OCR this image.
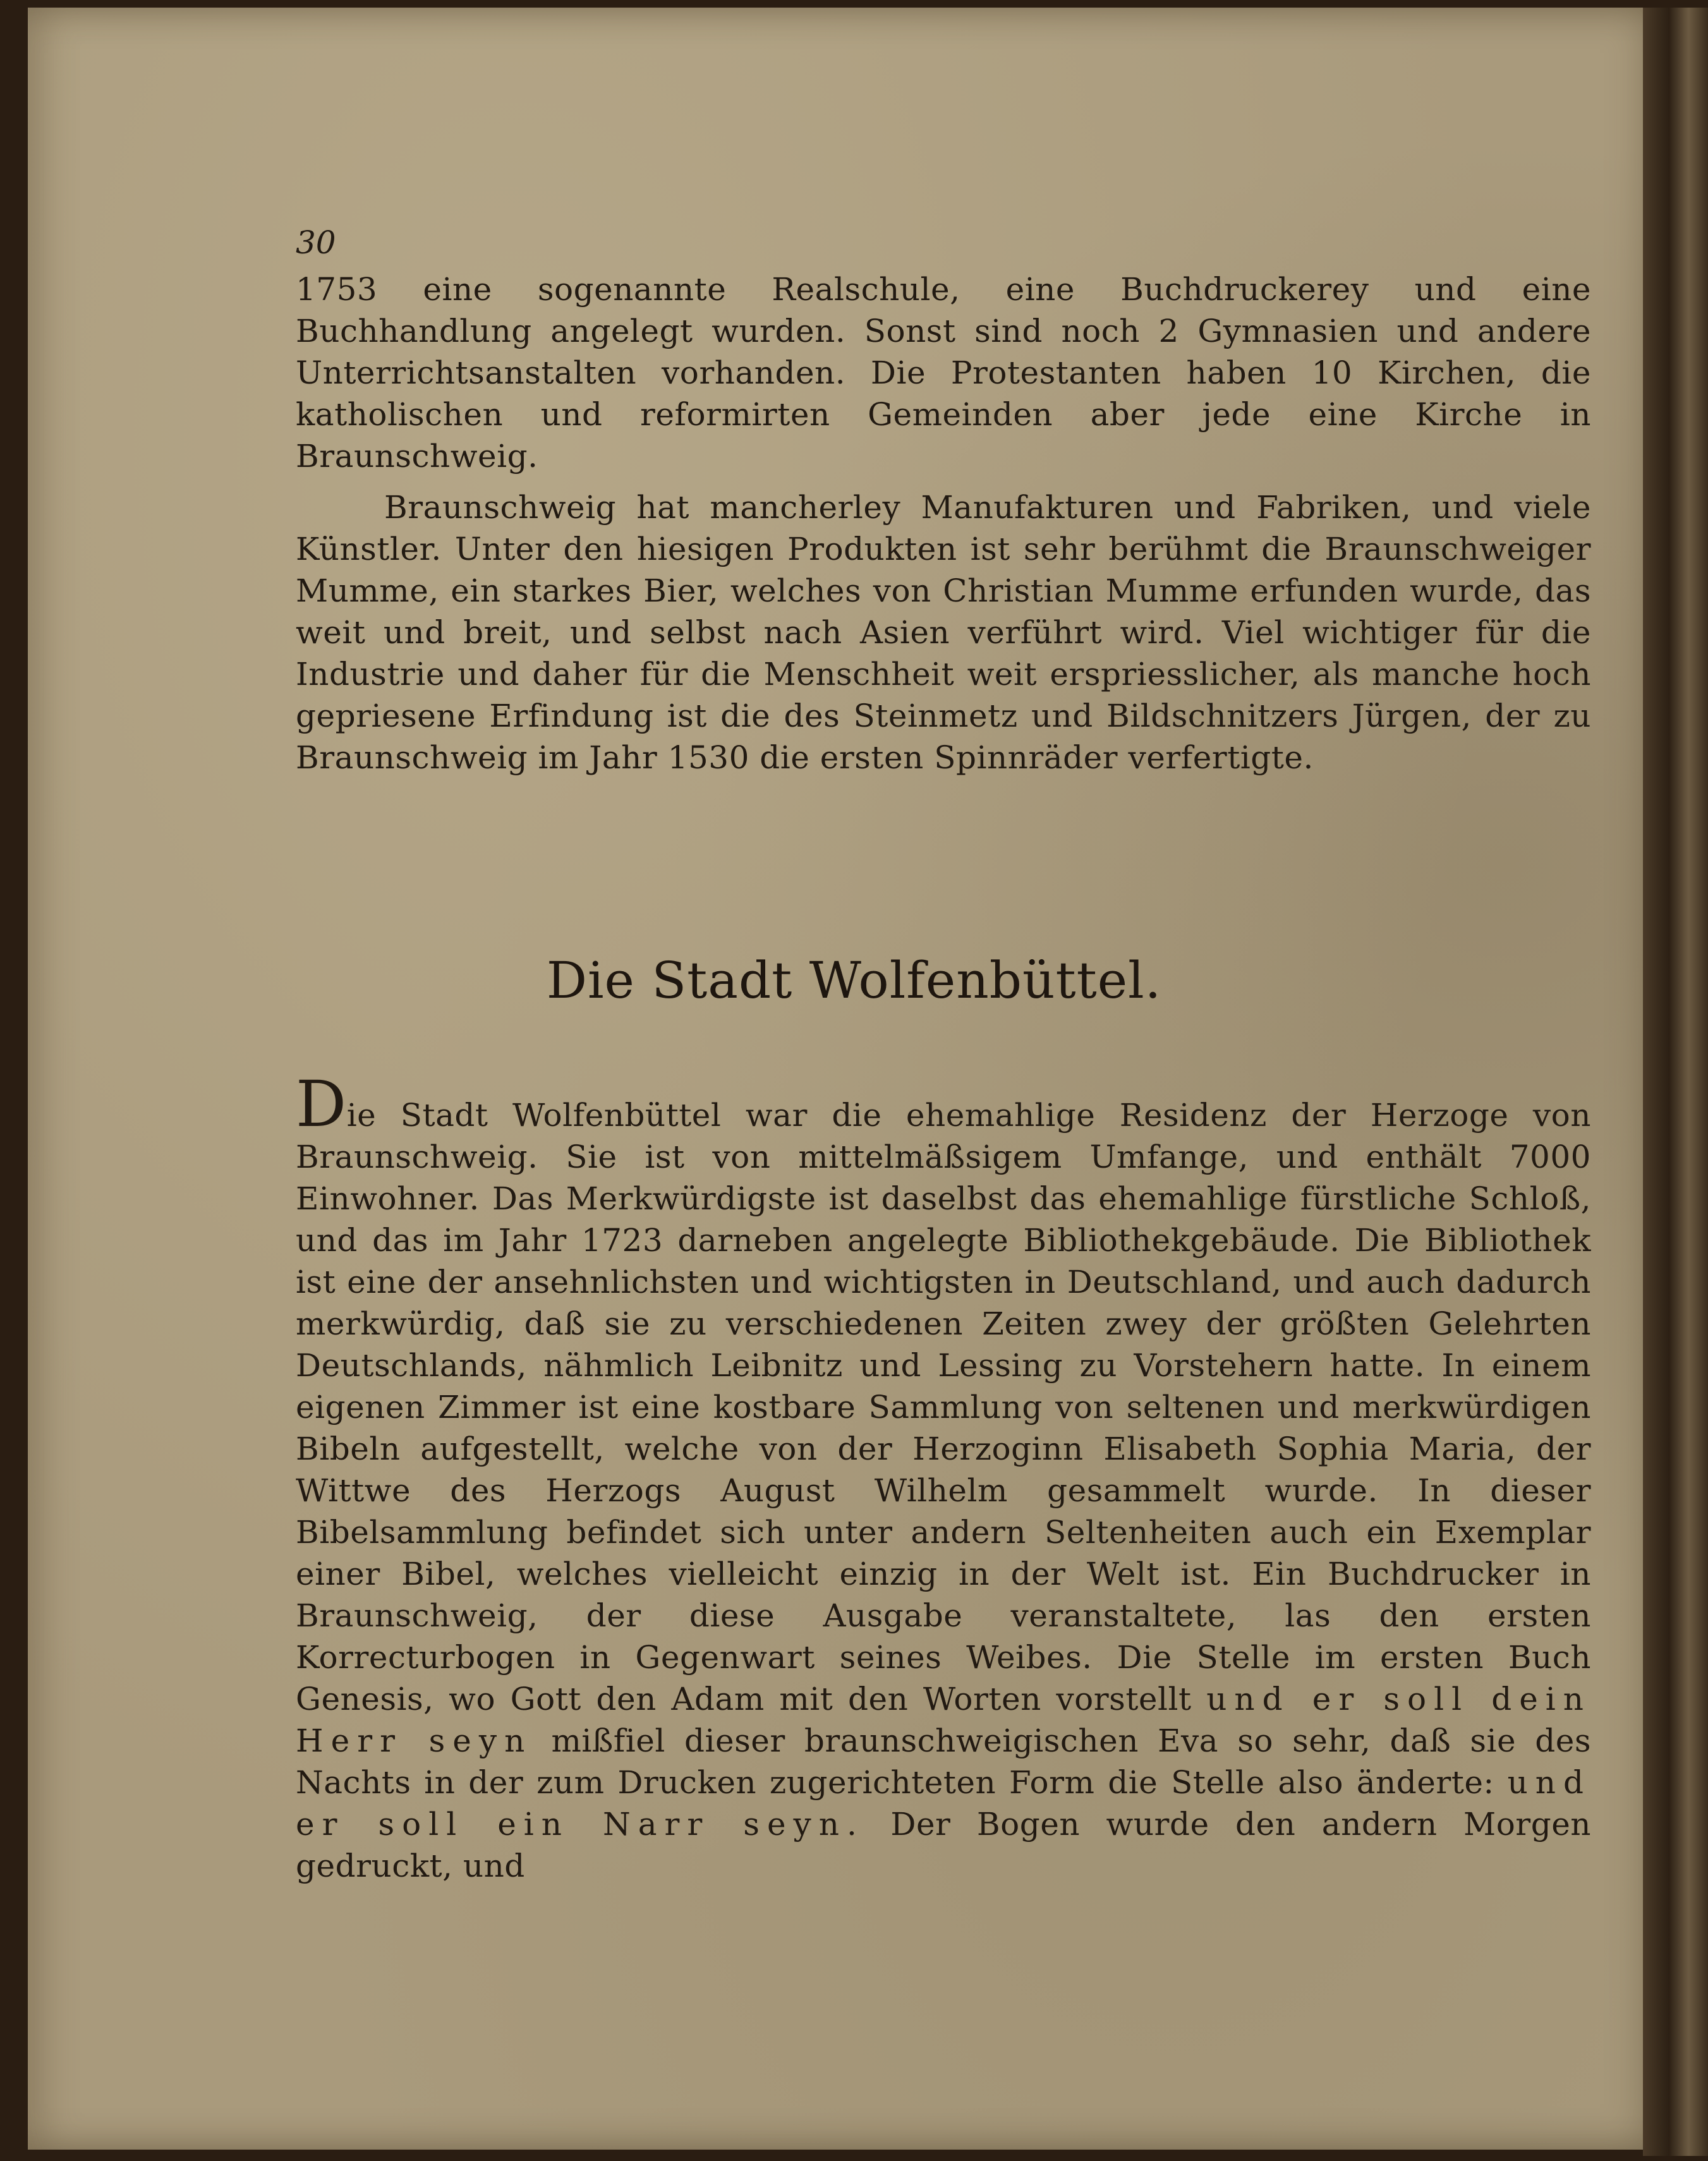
30
1753 eine sogenannte Realschule, eine Buchdruckerey und eine Buchhandlung angelegt wurden. Sonst sind noch 2 Gymnasien und andere Unterrichtsanstalten vorhanden. Die Protestanten haben 10 Kirchen, die katholischen und reformirten Gemeinden aber jede eine Kirche in Braunschweig.
Braunschweig hat mancherley Manufakturen und Fabriken, und viele Künstler. Unter den hiesigen Produkten ist sehr berühmt die Braunschweiger Mumme, ein starkes Bier, welches von Christian Mumme erfunden wurde, das weit und breit, und selbst nach Asien verführt wird. Viel wichtiger für die Industrie und daher für die Menschheit weit erspriesslicher, als manche hoch gepriesene Erfindung ist die des Steinmetz und Bildschnitzers Jürgen, der zu Braunschweig im Jahr 1530 die ersten Spinnräder verfertigte.
Die Stadt Wolfenbüttel.
Die Stadt Wolfenbüttel war die ehemahlige Residenz der Herzoge von Braunschweig. Sie ist von mittelmäßsigem Umfange, und enthält 7000 Einwohner. Das Merkwürdigste ist daselbst das ehemahlige fürstliche Schloß, und das im Jahr 1723 darneben angelegte Bibliothekgebäude. Die Bibliothek ist eine der ansehnlichsten und wichtigsten in Deutschland, und auch dadurch merkwürdig, daß sie zu verschiedenen Zeiten zwey der größten Gelehrten Deutschlands, nähmlich Leibnitz und Lessing zu Vorstehern hatte. In einem eigenen Zimmer ist eine kostbare Sammlung von seltenen und merkwürdigen Bibeln aufgestellt, welche von der Herzoginn Elisabeth Sophia Maria, der Wittwe des Herzogs August Wilhelm gesammelt wurde. In dieser Bibelsammlung befindet sich unter andern Seltenheiten auch ein Exemplar einer Bibel, welches vielleicht einzig in der Welt ist. Ein Buchdrucker in Braunschweig, der diese Ausgabe veranstaltete, las den ersten Korrecturbogen in Gegenwart seines Weibes. Die Stelle im ersten Buch Genesis, wo Gott den Adam mit den Worten vorstellt und er soll dein Herr seyn mißfiel dieser braunschweigischen Eva so sehr, daß sie des Nachts in der zum Drucken zugerichteten Form die Stelle also änderte: und er soll ein Narr seyn. Der Bogen wurde den andern Morgen gedruckt, und
